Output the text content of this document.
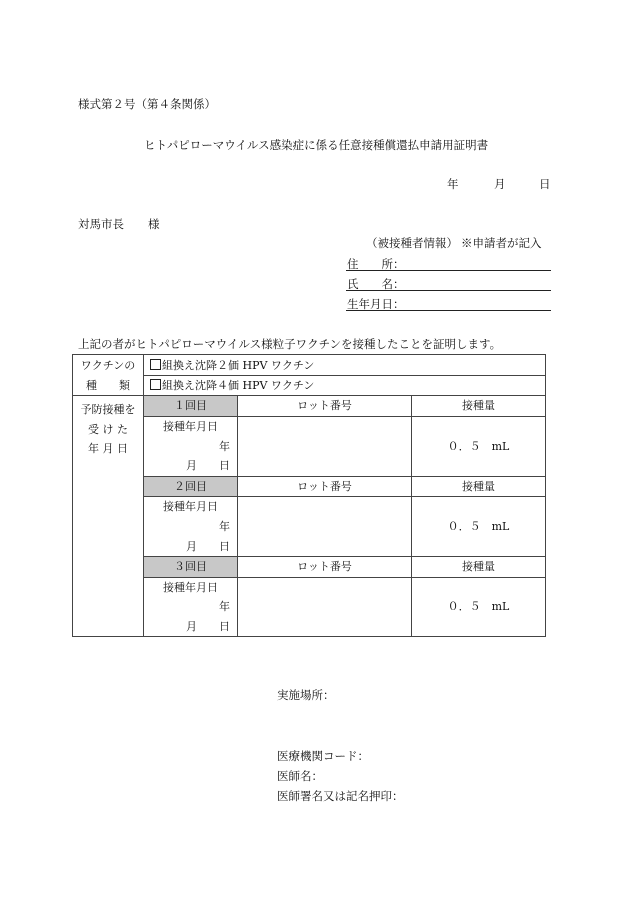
様式第２号（第４条関係）
ヒトパピローマウイルス感染症に係る任意接種償還払申請用証明書
年	月	日
対馬市長 様
（被接種者情報） ※申請者が記入
住　　所：
氏　　名：
生年月日：
上記の者がヒトパピローマウイルス様粒子ワクチンを接種したことを証明します。
ワクチンの	組換え沈降２価 HPV ワクチン		
種　　類	組換え沈降４価 HPV ワクチン		

予防接種を
受 け た
年 月 日	１回目	ロット番号	接種量
	接種年月日		０．５　mL
	年		
	月　　日		
	２回目	ロット番号	接種量
	接種年月日		０．５　mL
	年		
	月　　日		
	３回目	ロット番号	接種量
	接種年月日		０．５　mL
	年		
	月　　日		
実施場所：
医療機関コード：
医師名：
医師署名又は記名押印：
